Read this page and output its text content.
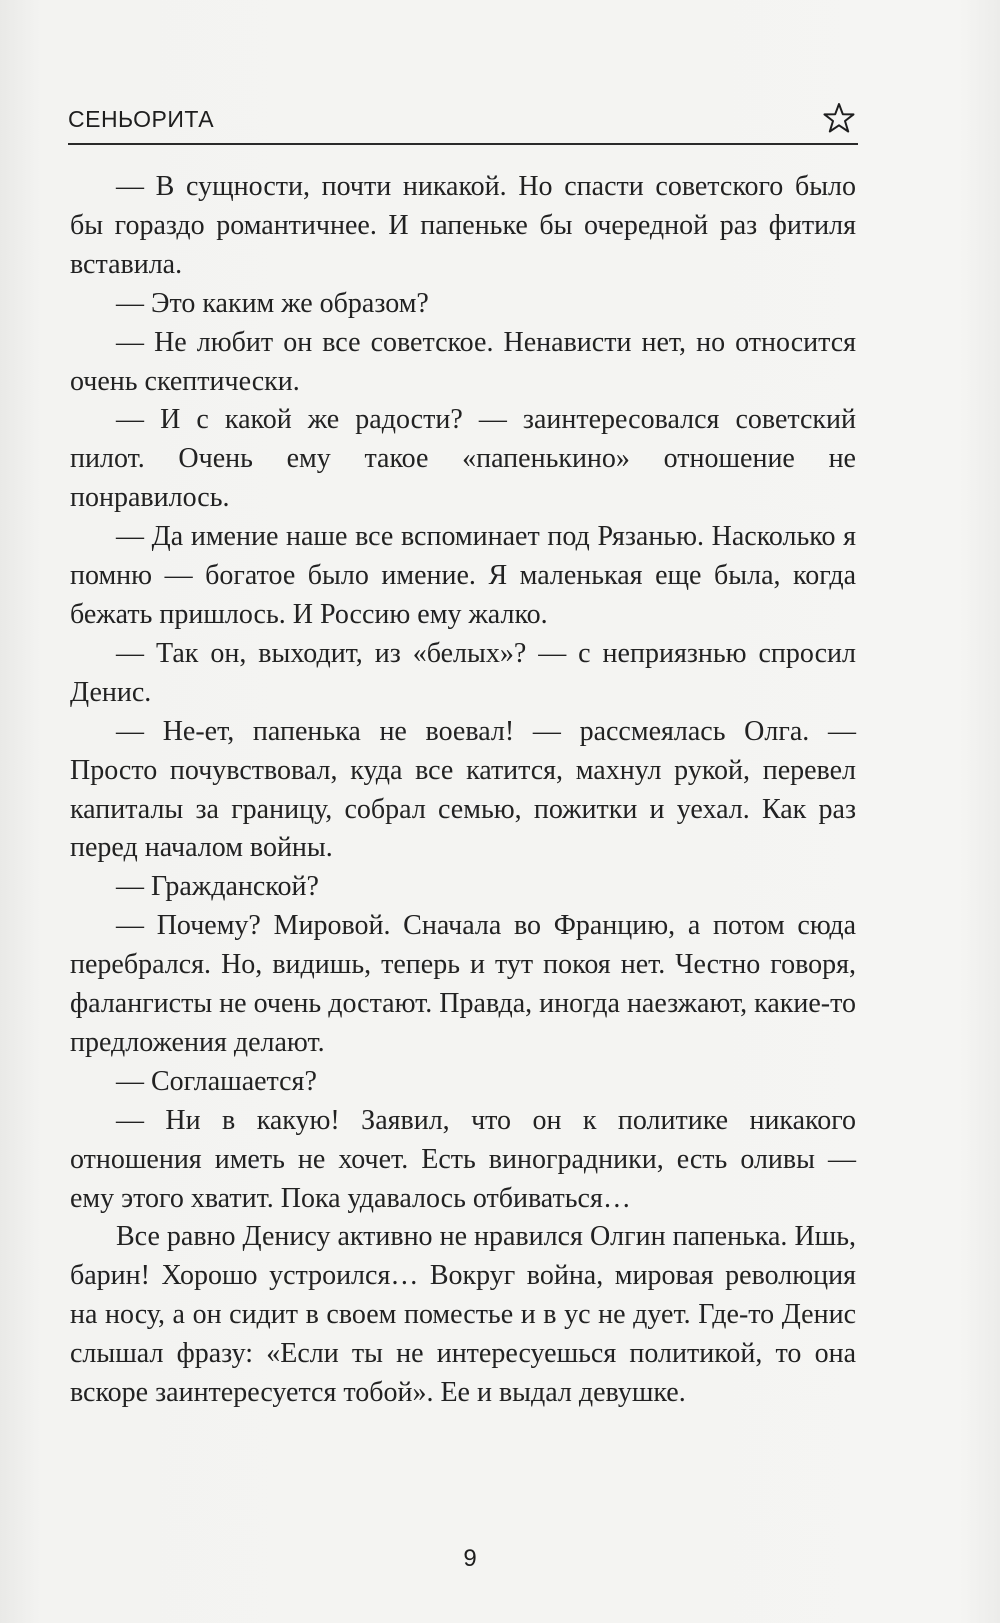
СЕНЬОРИТА

— В сущности, почти никакой. Но спасти советского было бы гораздо романтичнее. И папеньке бы очередной раз фитиля вставила.

— Это каким же образом?

— Не любит он все советское. Ненависти нет, но относится очень скептически.

— И с какой же радости? — заинтересовался советский пилот. Очень ему такое «папенькино» отношение не понравилось.

— Да имение наше все вспоминает под Рязанью. Насколько я помню — богатое было имение. Я маленькая еще была, когда бежать пришлось. И Россию ему жалко.

— Так он, выходит, из «белых»? — с неприязнью спросил Денис.

— Не-ет, папенька не воевал! — рассмеялась Олга. — Просто почувствовал, куда все катится, махнул рукой, перевел капиталы за границу, собрал семью, пожитки и уехал. Как раз перед началом войны.

— Гражданской?

— Почему? Мировой. Сначала во Францию, а потом сюда перебрался. Но, видишь, теперь и тут покоя нет. Честно говоря, фалангисты не очень достают. Правда, иногда наезжают, какие-то предложения делают.

— Соглашается?

— Ни в какую! Заявил, что он к политике никакого отношения иметь не хочет. Есть виноградники, есть оливы — ему этого хватит. Пока удавалось отбиваться…

Все равно Денису активно не нравился Олгин папенька. Ишь, барин! Хорошо устроился… Вокруг война, мировая революция на носу, а он сидит в своем поместье и в ус не дует. Где-то Денис слышал фразу: «Если ты не интересуешься политикой, то она вскоре заинтересуется тобой». Ее и выдал девушке.

9
